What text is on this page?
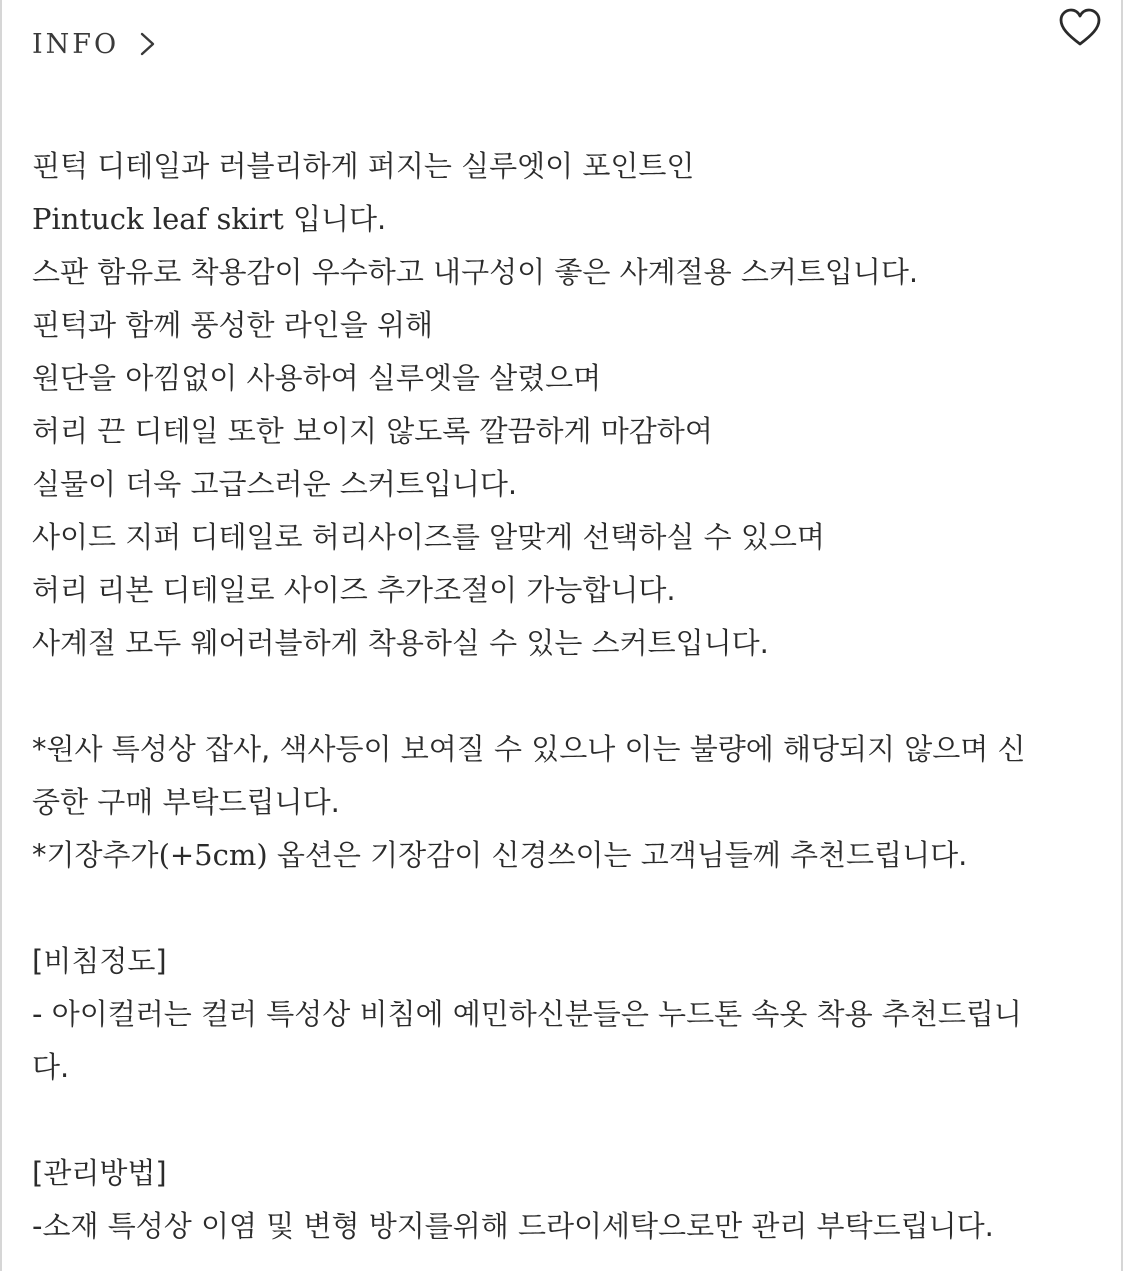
INFO
핀턱 디테일과 러블리하게 퍼지는 실루엣이 포인트인
Pintuck leaf skirt 입니다.
스판 함유로 착용감이 우수하고 내구성이 좋은 사계절용 스커트입니다.
핀턱과 함께 풍성한 라인을 위해
원단을 아낌없이 사용하여 실루엣을 살렸으며
허리 끈 디테일 또한 보이지 않도록 깔끔하게 마감하여
실물이 더욱 고급스러운 스커트입니다.
사이드 지퍼 디테일로 허리사이즈를 알맞게 선택하실 수 있으며
허리 리본 디테일로 사이즈 추가조절이 가능합니다.
사계절 모두 웨어러블하게 착용하실 수 있는 스커트입니다.
*원사 특성상 잡사, 색사등이 보여질 수 있으나 이는 불량에 해당되지 않으며 신
중한 구매 부탁드립니다.
*기장추가(+5cm) 옵션은 기장감이 신경쓰이는 고객님들께 추천드립니다.
[비침정도]
- 아이컬러는 컬러 특성상 비침에 예민하신분들은 누드톤 속옷 착용 추천드립니
다.
[관리방법]
-소재 특성상 이염 및 변형 방지를위해 드라이세탁으로만 관리 부탁드립니다.
